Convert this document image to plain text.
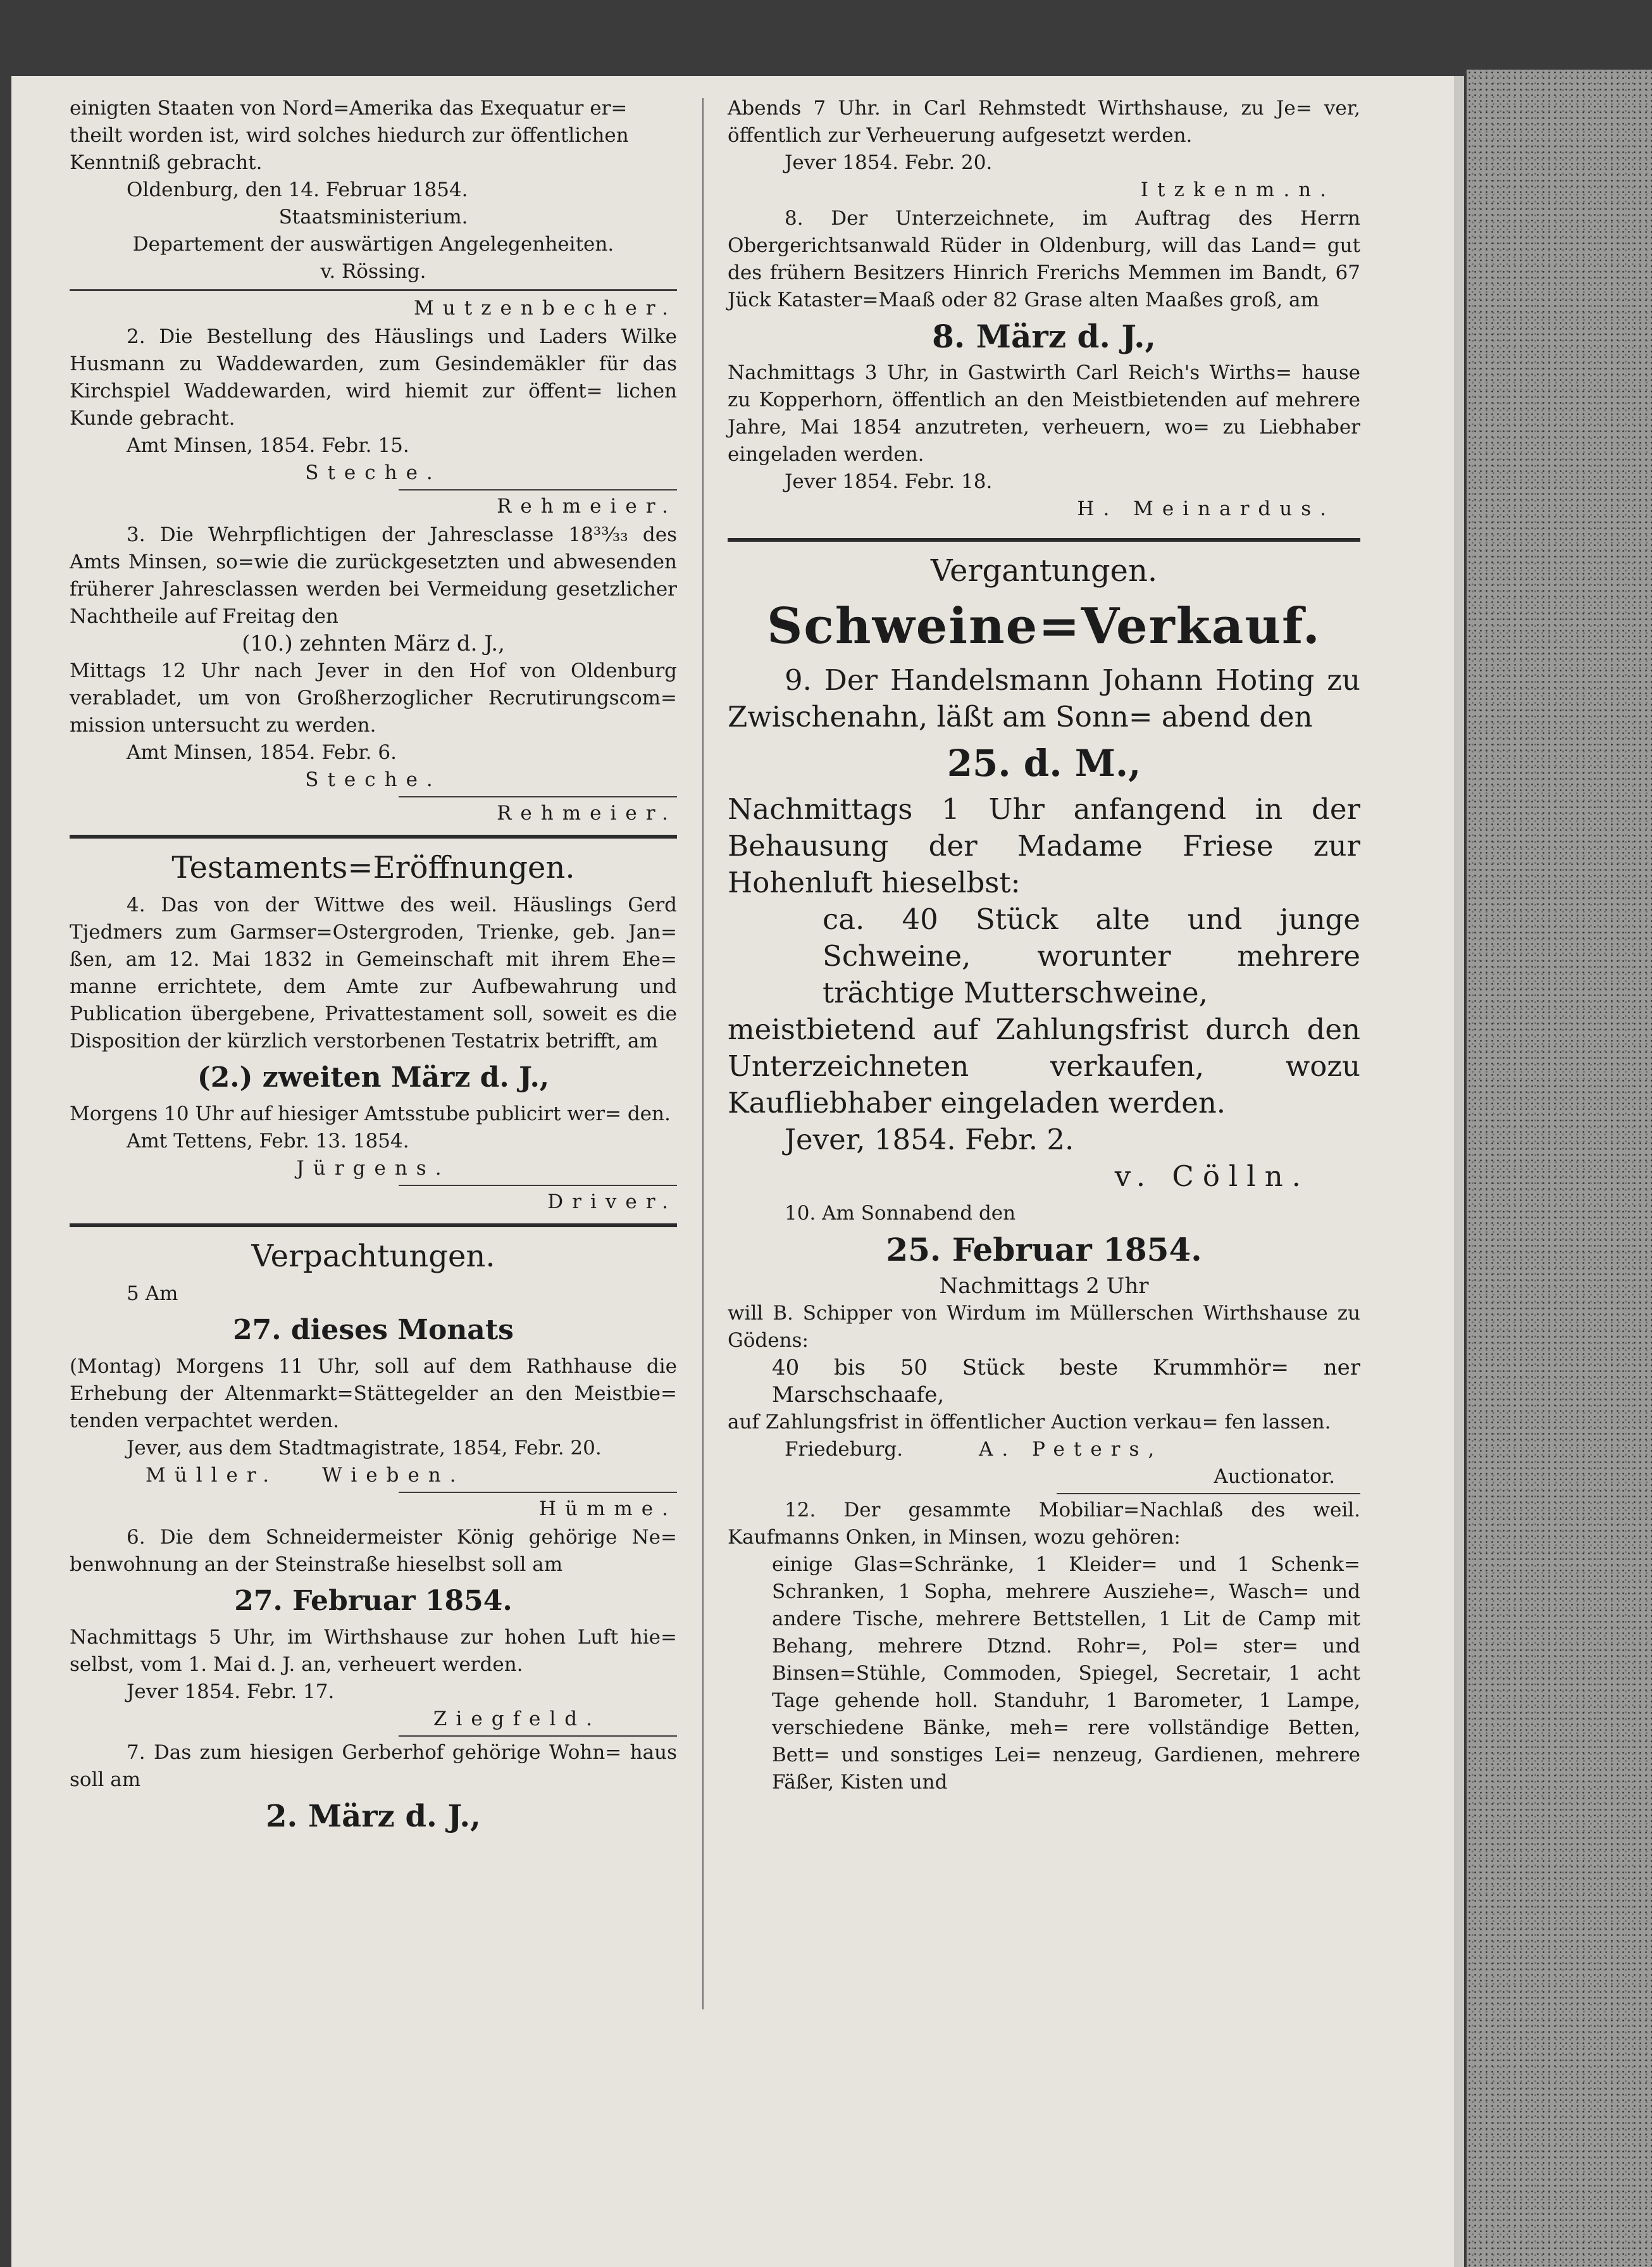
einigten Staaten von Nord=Amerika das Exequatur er=

theilt worden ist, wird solches hiedurch zur öffentlichen

Kenntniß gebracht.

Oldenburg, den 14. Februar 1854.

Staatsministerium.

Departement der auswärtigen Angelegenheiten.

v. Rössing.

Mutzenbecher.

2. Die Bestellung des Häuslings und Laders Wilke Husmann zu Waddewarden, zum Gesindemäkler für das Kirchspiel Waddewarden, wird hiemit zur öffent= lichen Kunde gebracht.

Amt Minsen, 1854. Febr. 15.

Steche.

Rehmeier.

3. Die Wehrpflichtigen der Jahresclasse 18³³⁄₃₃ des Amts Minsen, so=wie die zurückgesetzten und abwesenden früherer Jahresclassen werden bei Vermeidung gesetzlicher Nachtheile auf Freitag den

(10.) zehnten März d. J.,

Mittags 12 Uhr nach Jever in den Hof von Oldenburg verabladet, um von Großherzoglicher Recrutirungscom= mission untersucht zu werden.

Amt Minsen, 1854. Febr. 6.

Steche.

Rehmeier.

Testaments=Eröffnungen.

4. Das von der Wittwe des weil. Häuslings Gerd Tjedmers zum Garmser=Ostergroden, Trienke, geb. Jan= ßen, am 12. Mai 1832 in Gemeinschaft mit ihrem Ehe= manne errichtete, dem Amte zur Aufbewahrung und Publication übergebene, Privattestament soll, soweit es die Disposition der kürzlich verstorbenen Testatrix betrifft, am

(2.) zweiten März d. J.,

Morgens 10 Uhr auf hiesiger Amtsstube publicirt wer= den.

Amt Tettens, Febr. 13. 1854.

Jürgens.

Driver.

Verpachtungen.

5 Am

27. dieses Monats

(Montag) Morgens 11 Uhr, soll auf dem Rathhause die Erhebung der Altenmarkt=Stättegelder an den Meistbie= tenden verpachtet werden.

Jever, aus dem Stadtmagistrate, 1854, Febr. 20.

Müller. Wieben.

Hümme.

6. Die dem Schneidermeister König gehörige Ne= benwohnung an der Steinstraße hieselbst soll am

27. Februar 1854.

Nachmittags 5 Uhr, im Wirthshause zur hohen Luft hie= selbst, vom 1. Mai d. J. an, verheuert werden.

Jever 1854. Febr. 17.

Ziegfeld.

7. Das zum hiesigen Gerberhof gehörige Wohn= haus soll am

2. März d. J.,

Abends 7 Uhr. in Carl Rehmstedt Wirthshause, zu Je= ver, öffentlich zur Verheuerung aufgesetzt werden.

Jever 1854. Febr. 20.

Itzkenm.n.

8. Der Unterzeichnete, im Auftrag des Herrn Obergerichtsanwald Rüder in Oldenburg, will das Land= gut des frühern Besitzers Hinrich Frerichs Memmen im Bandt, 67 Jück Kataster=Maaß oder 82 Grase alten Maaßes groß, am

8. März d. J.,

Nachmittags 3 Uhr, in Gastwirth Carl Reich's Wirths= hause zu Kopperhorn, öffentlich an den Meistbietenden auf mehrere Jahre, Mai 1854 anzutreten, verheuern, wo= zu Liebhaber eingeladen werden.

Jever 1854. Febr. 18.

H. Meinardus.

Vergantungen.

Schweine=Verkauf.

9. Der Handelsmann Johann Hoting zu Zwischenahn, läßt am Sonn= abend den

25. d. M.,

Nachmittags 1 Uhr anfangend in der Behausung der Madame Friese zur Hohenluft hieselbst:

ca. 40 Stück alte und junge Schweine, worunter mehrere trächtige Mutterschweine,

meistbietend auf Zahlungsfrist durch den Unterzeichneten verkaufen, wozu Kaufliebhaber eingeladen werden.

Jever, 1854. Febr. 2.

v. Cölln.

10. Am Sonnabend den

25. Februar 1854.

Nachmittags 2 Uhr

will B. Schipper von Wirdum im Müllerschen Wirthshause zu Gödens:

40 bis 50 Stück beste Krummhör= ner Marschschaafe,

auf Zahlungsfrist in öffentlicher Auction verkau= fen lassen.

Friedeburg.	A. Peters,

Auctionator.

12. Der gesammte Mobiliar=Nachlaß des weil. Kaufmanns Onken, in Minsen, wozu gehören:

einige Glas=Schränke, 1 Kleider= und 1 Schenk= Schranken, 1 Sopha, mehrere Ausziehe=, Wasch= und andere Tische, mehrere Bettstellen, 1 Lit de Camp mit Behang, mehrere Dtznd. Rohr=, Pol= ster= und Binsen=Stühle, Commoden, Spiegel, Secretair, 1 acht Tage gehende holl. Standuhr, 1 Barometer, 1 Lampe, verschiedene Bänke, meh= rere vollständige Betten, Bett= und sonstiges Lei= nenzeug, Gardienen, mehrere Fäßer, Kisten und
